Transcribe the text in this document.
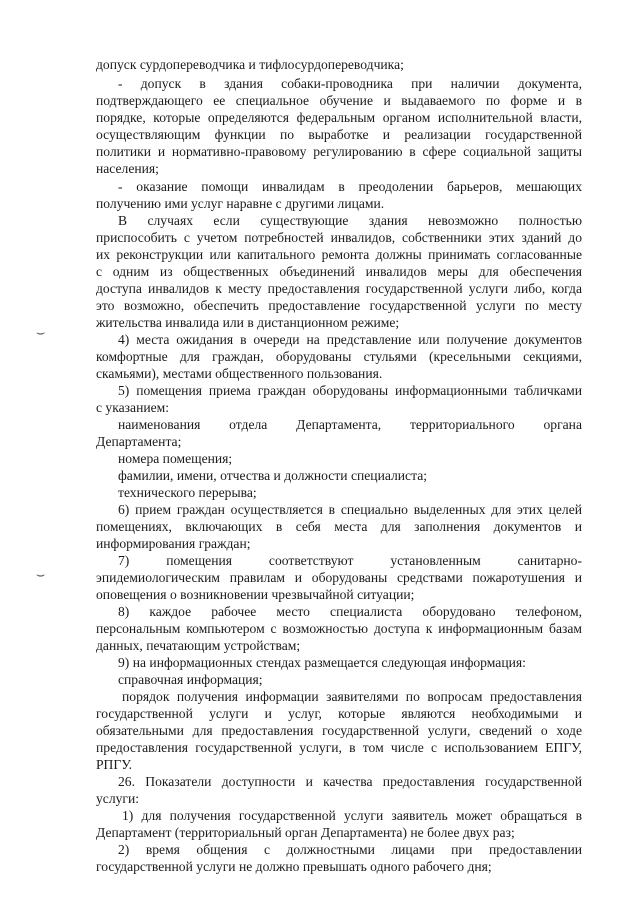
допуск сурдопереводчика и тифлосурдопереводчика;
- допуск в здания собаки-проводника при наличии документа,
подтверждающего ее специальное обучение и выдаваемого по форме и в
порядке, которые определяются федеральным органом исполнительной власти,
осуществляющим функции по выработке и реализации государственной
политики и нормативно-правовому регулированию в сфере социальной защиты
населения;
- оказание помощи инвалидам в преодолении барьеров, мешающих
получению ими услуг наравне с другими лицами.
В случаях если существующие здания невозможно полностью
приспособить с учетом потребностей инвалидов, собственники этих зданий до
их реконструкции или капитального ремонта должны принимать согласованные
с одним из общественных объединений инвалидов меры для обеспечения
доступа инвалидов к месту предоставления государственной услуги либо, когда
это возможно, обеспечить предоставление государственной услуги по месту
жительства инвалида или в дистанционном режиме;
4) места ожидания в очереди на представление или получение документов
комфортные для граждан, оборудованы стульями (кресельными секциями,
скамьями), местами общественного пользования.
5) помещения приема граждан оборудованы информационными табличками
с указанием:
наименования отдела Департамента, территориального органа
Департамента;
номера помещения;
фамилии, имени, отчества и должности специалиста;
технического перерыва;
6) прием граждан осуществляется в специально выделенных для этих целей
помещениях, включающих в себя места для заполнения документов и
информирования граждан;
7) помещения соответствуют установленным санитарно-
эпидемиологическим правилам и оборудованы средствами пожаротушения и
оповещения о возникновении чрезвычайной ситуации;
8) каждое рабочее место специалиста оборудовано телефоном,
персональным компьютером с возможностью доступа к информационным базам
данных, печатающим устройствам;
9) на информационных стендах размещается следующая информация:
справочная информация;
порядок получения информации заявителями по вопросам предоставления
государственной услуги и услуг, которые являются необходимыми и
обязательными для предоставления государственной услуги, сведений о ходе
предоставления государственной услуги, в том числе с использованием ЕПГУ,
РПГУ.
26. Показатели доступности и качества предоставления государственной
услуги:
1) для получения государственной услуги заявитель может обращаться в
Департамент (территориальный орган Департамента) не более двух раз;
2) время общения с должностными лицами при предоставлении
государственной услуги не должно превышать одного рабочего дня;
⌣
⌣
